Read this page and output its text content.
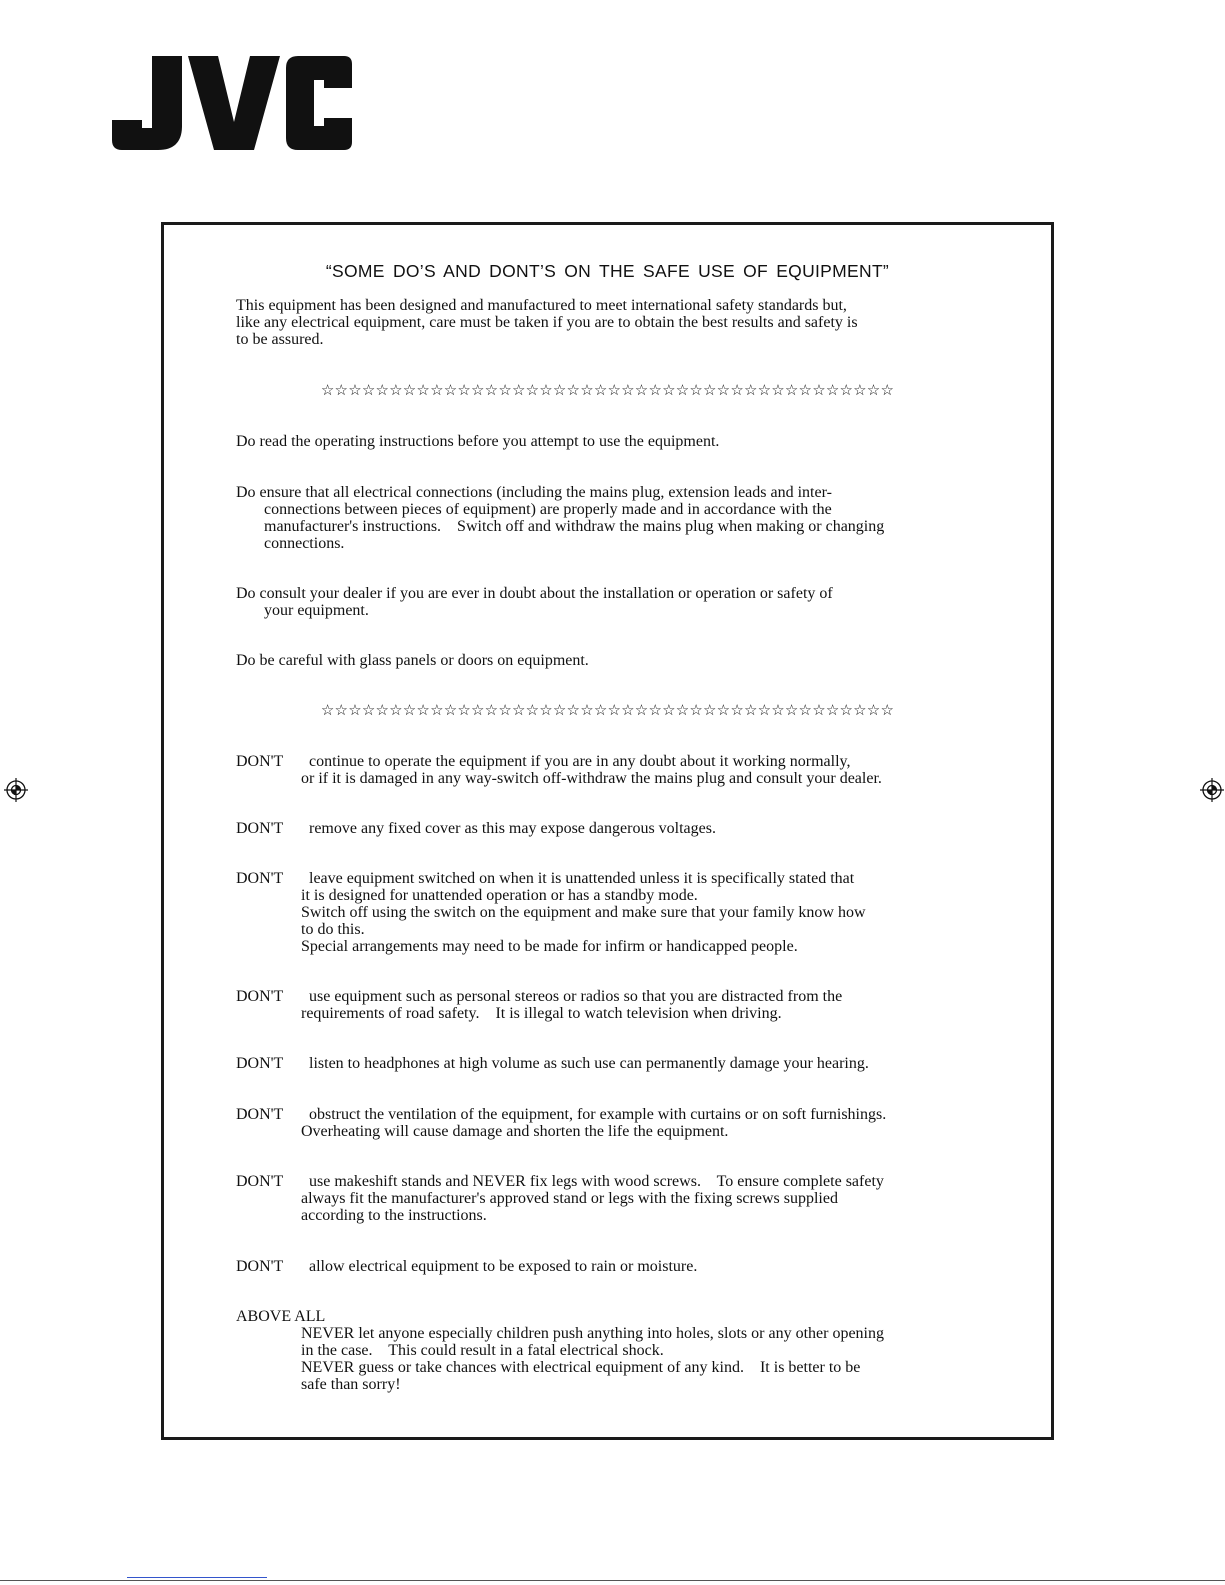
“SOME DO’S AND DONT’S ON THE SAFE USE OF EQUIPMENT”
This equipment has been designed and manufactured to meet international safety standards but,
like any electrical equipment, care must be taken if you are to obtain the best results and safety is
to be assured.
☆☆☆☆☆☆☆☆☆☆☆☆☆☆☆☆☆☆☆☆☆☆☆☆☆☆☆☆☆☆☆☆☆☆☆☆☆☆☆☆☆☆
Do read the operating instructions before you attempt to use the equipment.
Do ensure that all electrical connections (including the mains plug, extension leads and inter-
connections between pieces of equipment) are properly made and in accordance with the
manufacturer's instructions.    Switch off and withdraw the mains plug when making or changing
connections.
Do consult your dealer if you are ever in doubt about the installation or operation or safety of
your equipment.
Do be careful with glass panels or doors on equipment.
☆☆☆☆☆☆☆☆☆☆☆☆☆☆☆☆☆☆☆☆☆☆☆☆☆☆☆☆☆☆☆☆☆☆☆☆☆☆☆☆☆☆
DON'T continue to operate the equipment if you are in any doubt about it working normally,
or if it is damaged in any way-switch off-withdraw the mains plug and consult your dealer.
DON'T remove any fixed cover as this may expose dangerous voltages.
DON'T leave equipment switched on when it is unattended unless it is specifically stated that
it is designed for unattended operation or has a standby mode.
Switch off using the switch on the equipment and make sure that your family know how
to do this.
Special arrangements may need to be made for infirm or handicapped people.
DON'T use equipment such as personal stereos or radios so that you are distracted from the
requirements of road safety.    It is illegal to watch television when driving.
DON'T listen to headphones at high volume as such use can permanently damage your hearing.
DON'T obstruct the ventilation of the equipment, for example with curtains or on soft furnishings.
Overheating will cause damage and shorten the life the equipment.
DON'T use makeshift stands and NEVER fix legs with wood screws.    To ensure complete safety
always fit the manufacturer's approved stand or legs with the fixing screws supplied
according to the instructions.
DON'T allow electrical equipment to be exposed to rain or moisture.
ABOVE ALL
NEVER let anyone especially children push anything into holes, slots or any other opening
in the case.    This could result in a fatal electrical shock.
NEVER guess or take chances with electrical equipment of any kind.    It is better to be
safe than sorry!
